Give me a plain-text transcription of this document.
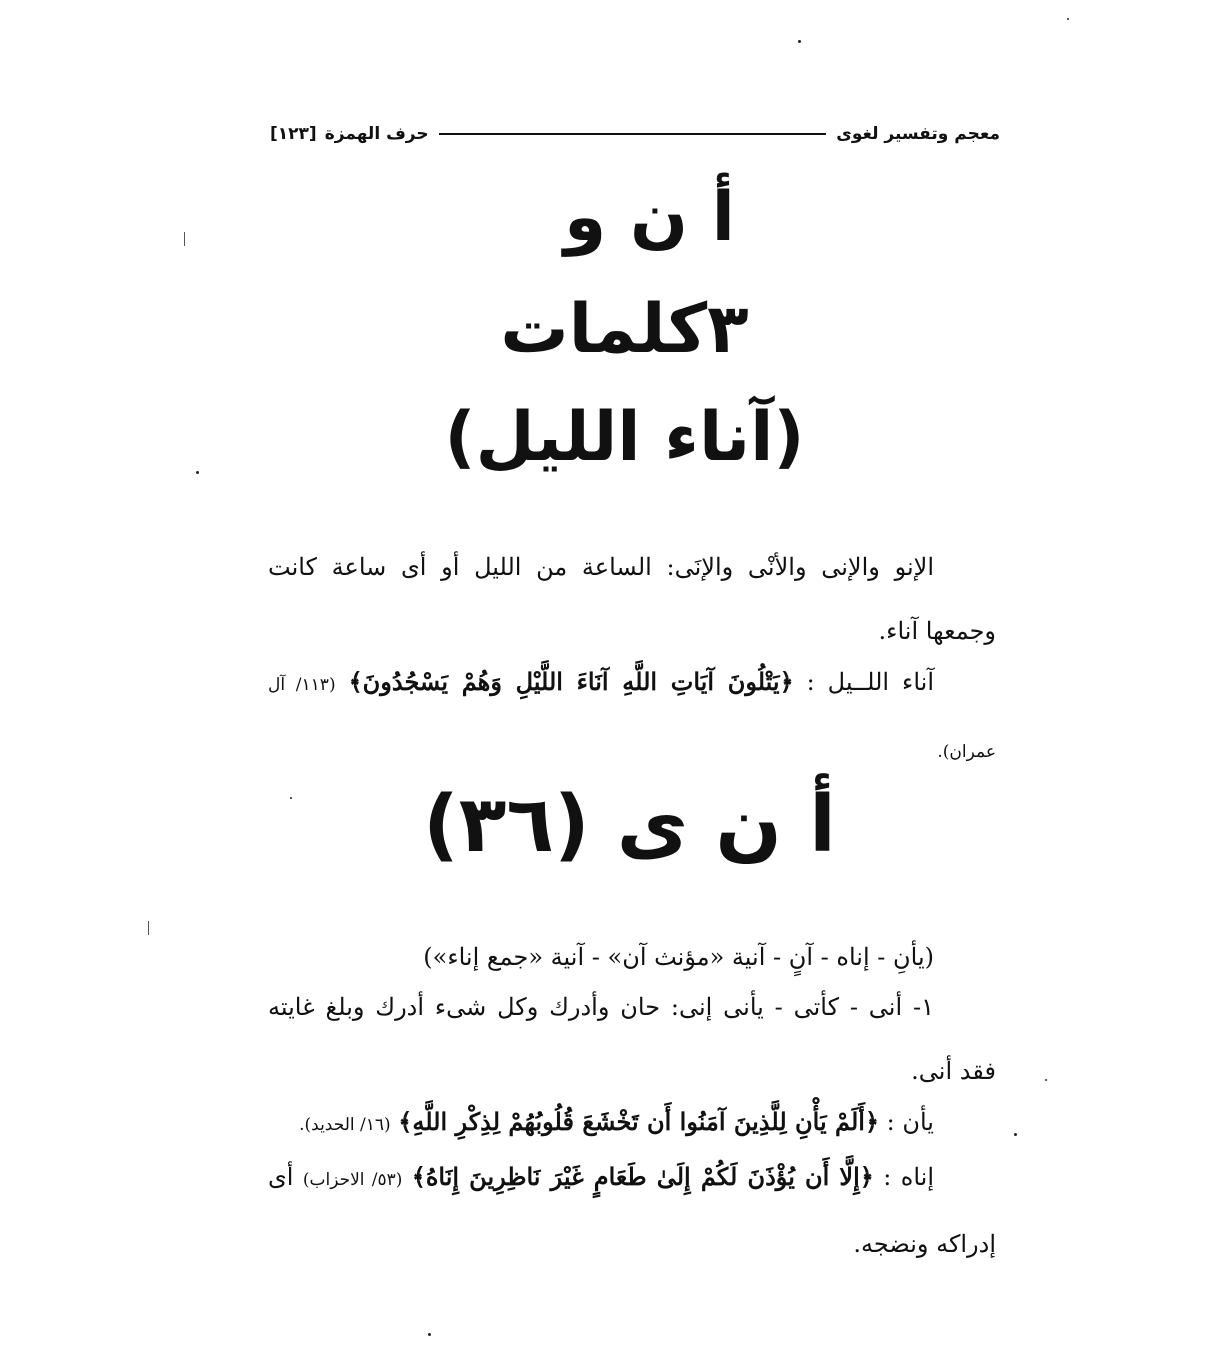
معجم وتفسير لغوى
حرف الهمزة
[١٢٣]
أ ن و
٣كلمات
(آناء الليل)
الإنو والإنى والأنْى والإنَى: الساعة من الليل أو أى ساعة كانت وجمعها آناء.
آناء اللــيل : ﴿يَتْلُونَ آيَاتِ اللَّهِ آنَاءَ اللَّيْلِ وَهُمْ يَسْجُدُونَ﴾ (١١٣/ آل عمران).
أ ن ى (٣٦)
(يأنِ - إناه - آنٍ - آنية «مؤنث آن» - آنية «جمع إناء»)
١- أنى - كأتى - يأنى إنى: حان وأدرك وكل شىء أدرك وبلغ غايته فقد أنى.
يأن : ﴿أَلَمْ يَأْنِ لِلَّذِينَ آمَنُوا أَن تَخْشَعَ قُلُوبُهُمْ لِذِكْرِ اللَّهِ﴾ (١٦/ الحديد).
إناه : ﴿إِلَّا أَن يُؤْذَنَ لَكُمْ إِلَىٰ طَعَامٍ غَيْرَ نَاظِرِينَ إِنَاهُ﴾ (٥٣/ الاحزاب) أى إدراكه ونضجه.
